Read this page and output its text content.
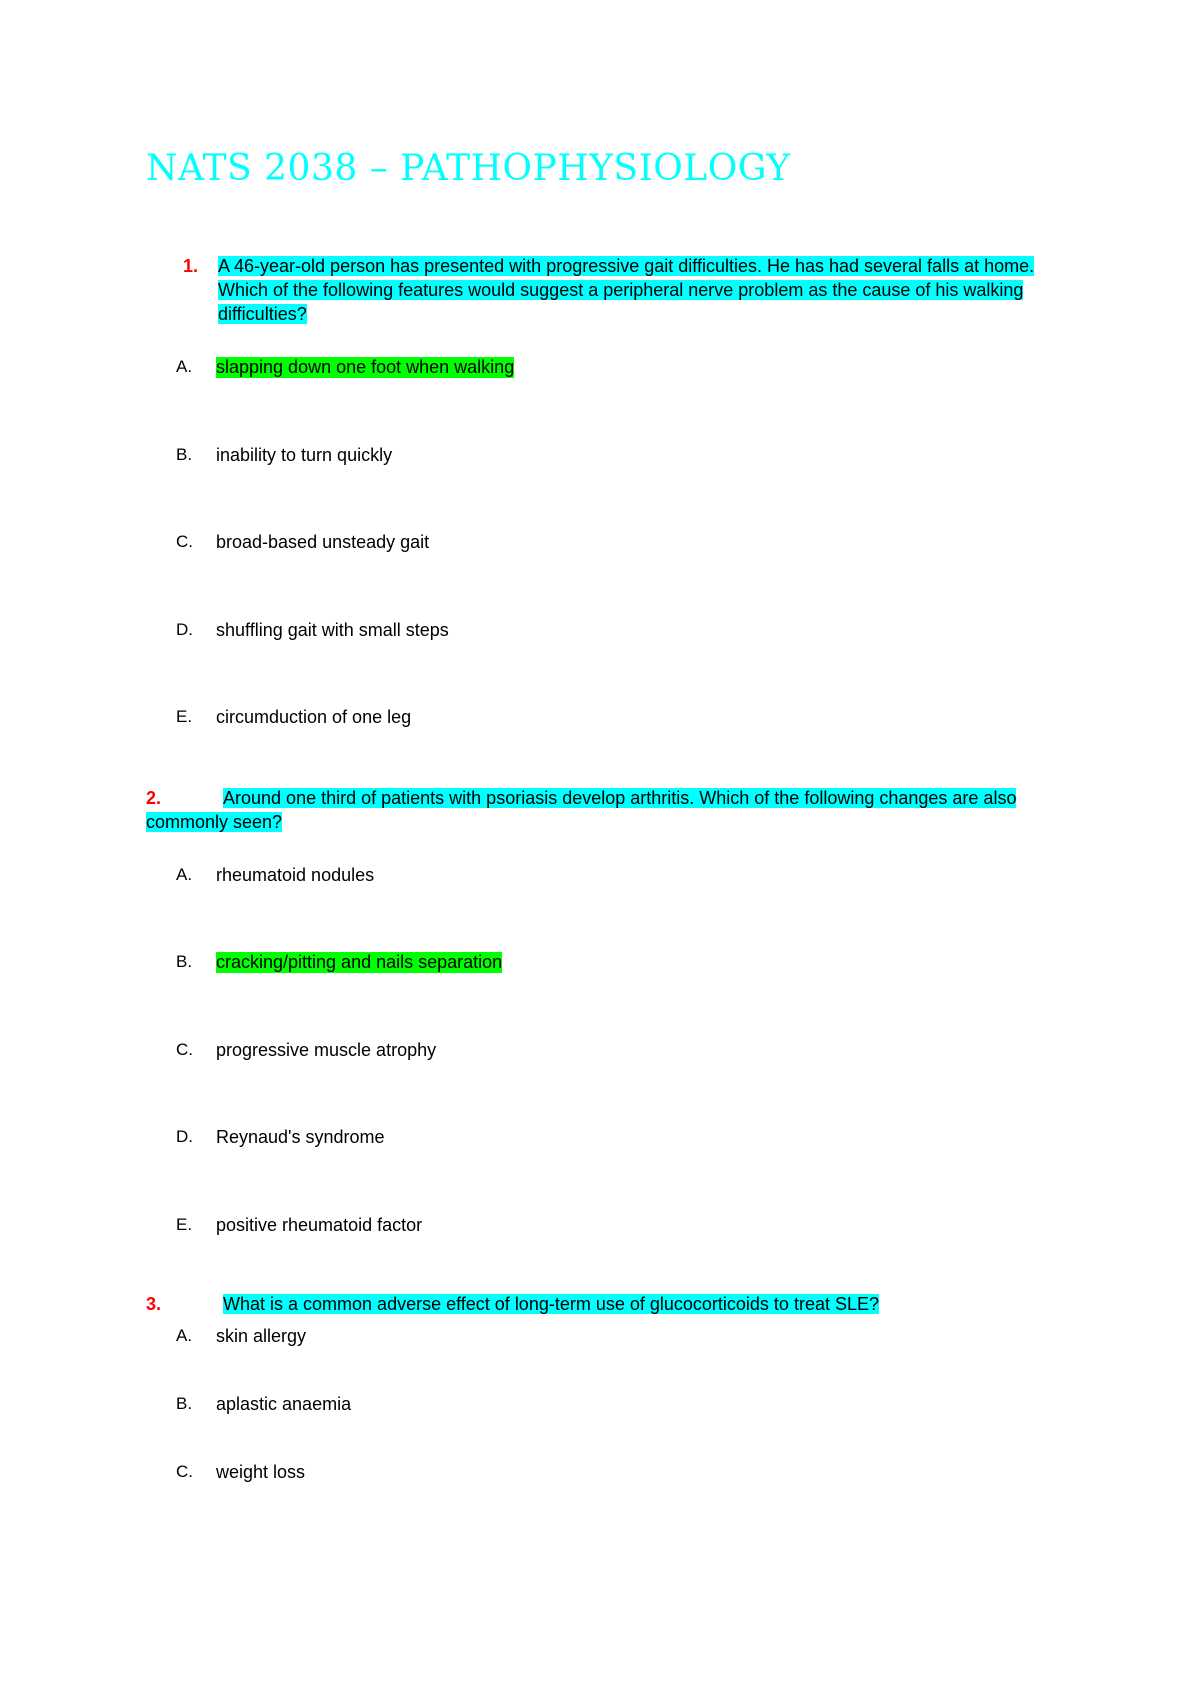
NATS 2038 – PATHOPHYSIOLOGY
1. A 46-year-old person has presented with progressive gait difficulties. He has had several falls at home. Which of the following features would suggest a peripheral nerve problem as the cause of his walking difficulties?
A. slapping down one foot when walking
B. inability to turn quickly
C. broad-based unsteady gait
D. shuffling gait with small steps
E. circumduction of one leg
2.	Around one third of patients with psoriasis develop arthritis. Which of the following changes are also commonly seen?
A. rheumatoid nodules
B. cracking/pitting and nails separation
C. progressive muscle atrophy
D. Reynaud's syndrome
E. positive rheumatoid factor
3.	What is a common adverse effect of long-term use of glucocorticoids to treat SLE?
A. skin allergy
B. aplastic anaemia
C. weight loss
